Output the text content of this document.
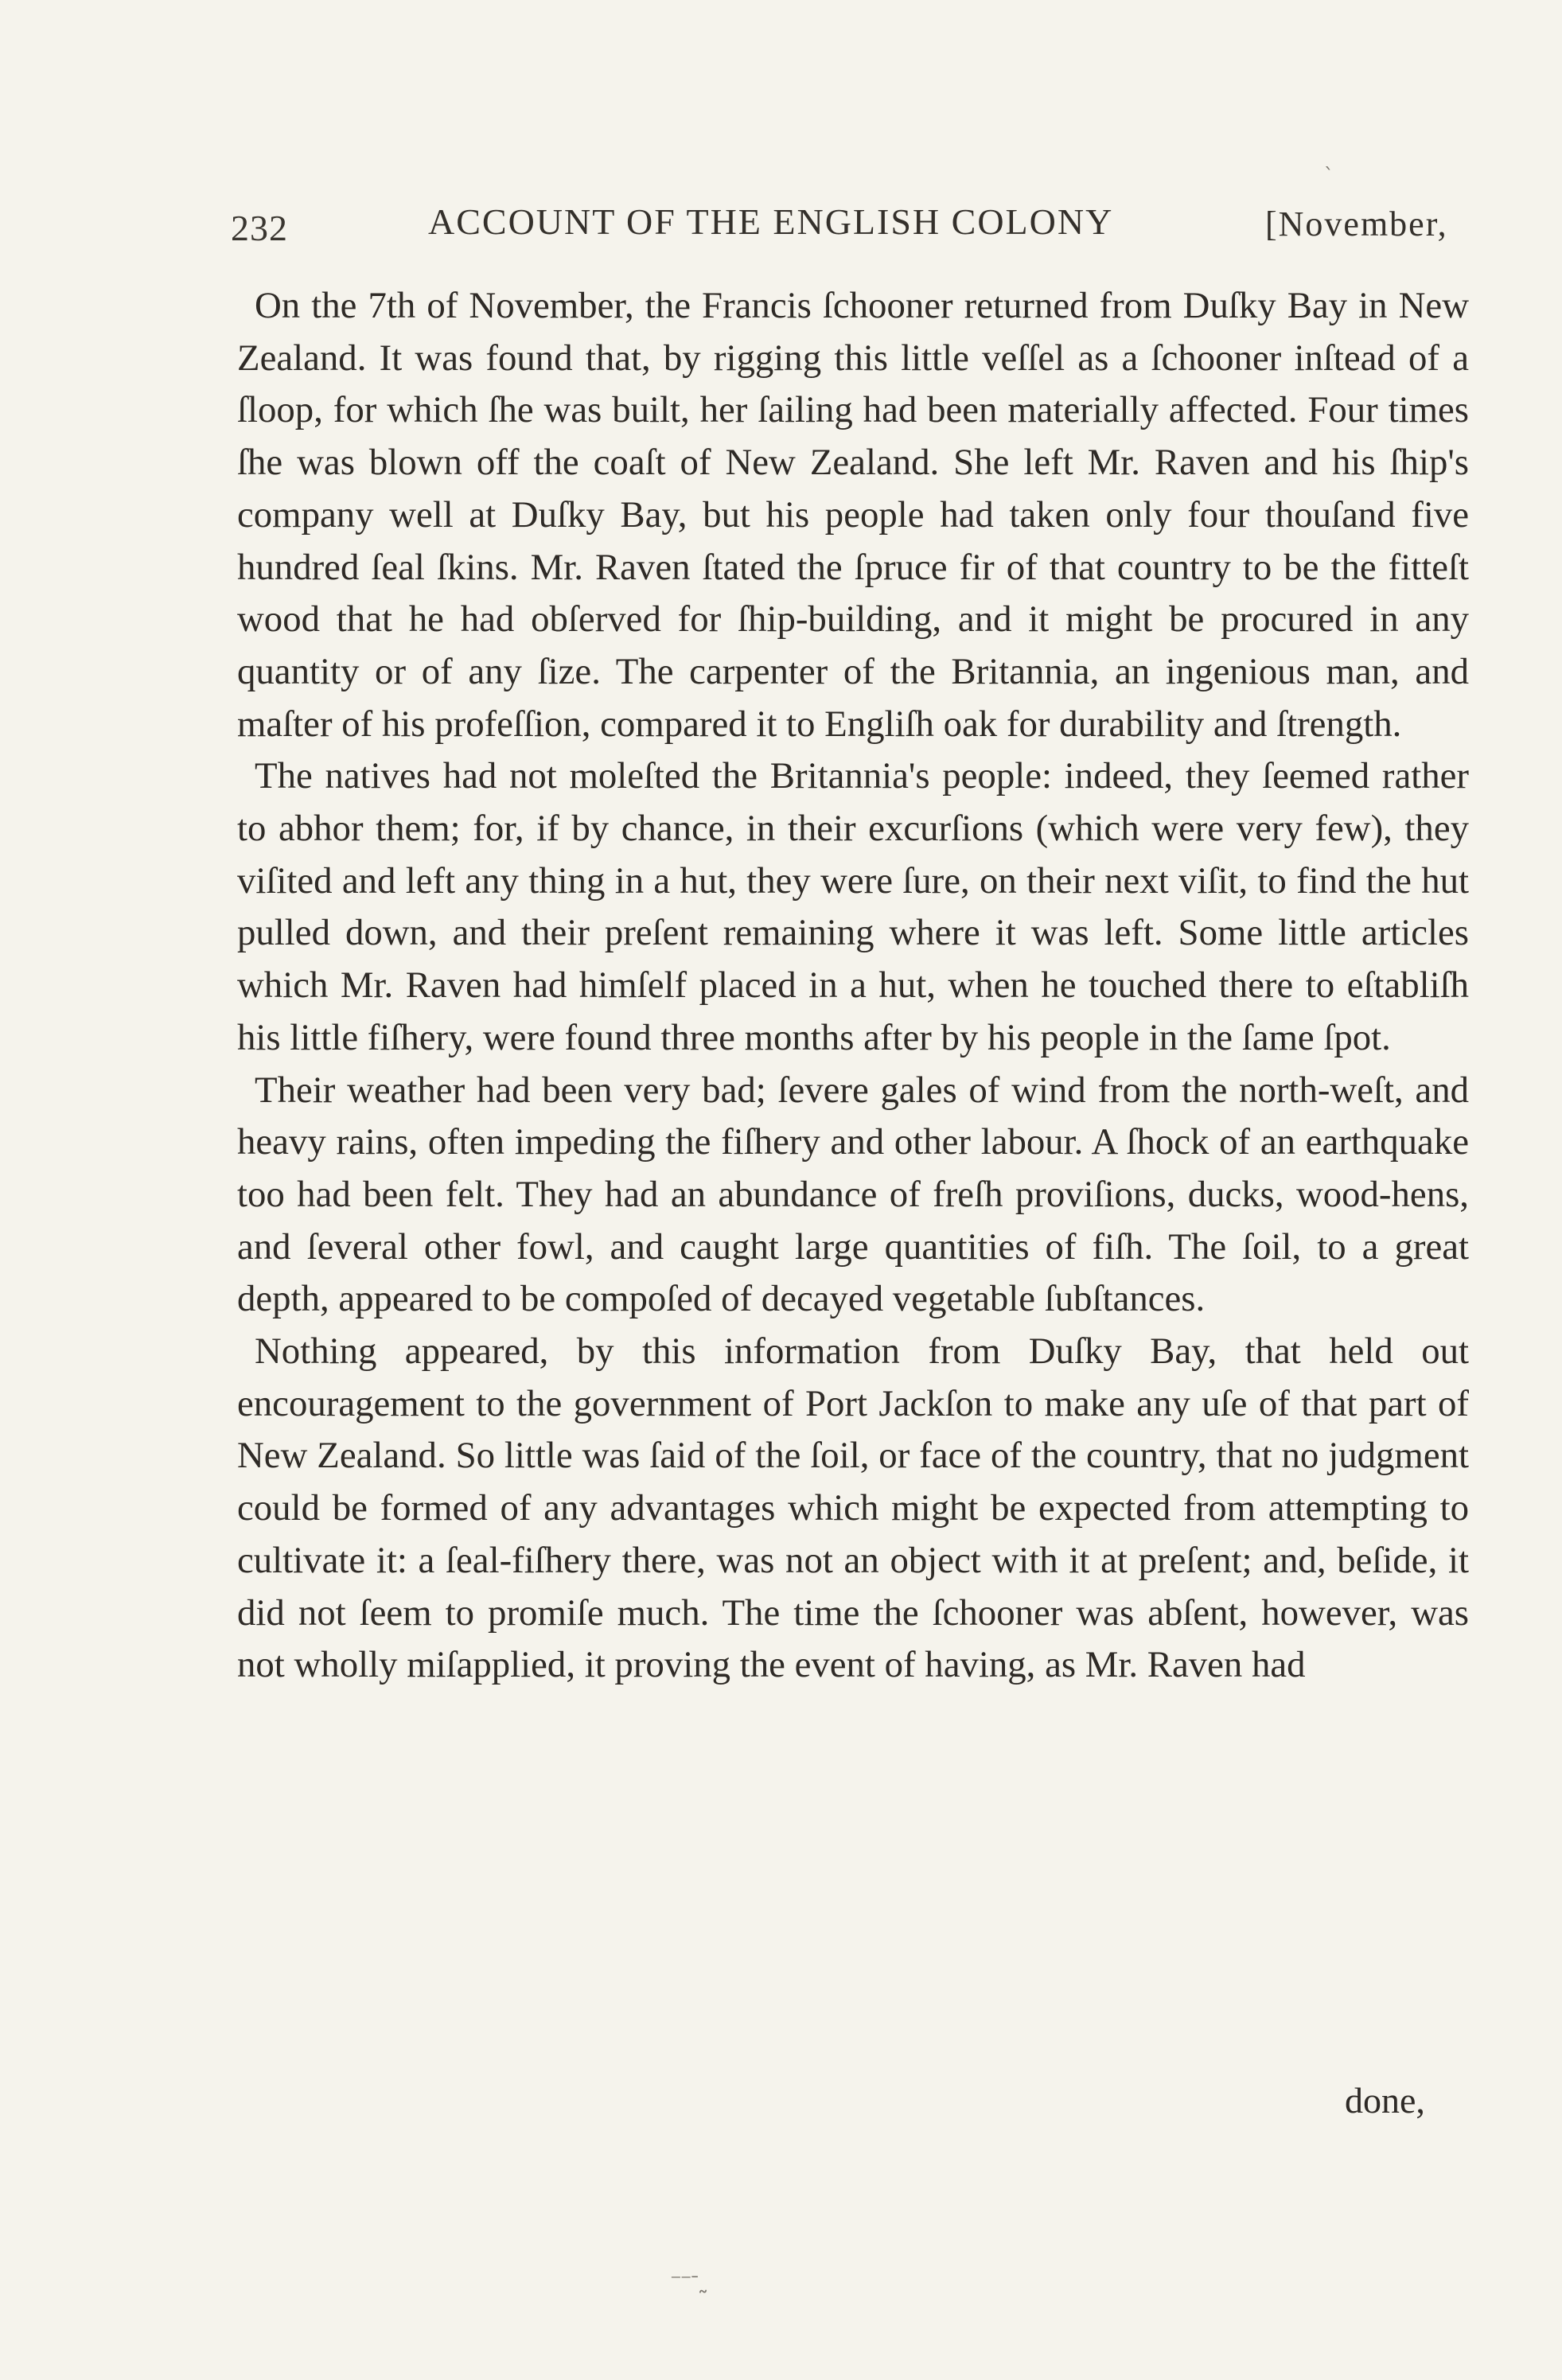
ˎ
232	ACCOUNT OF THE ENGLISH COLONY	[November,

On the 7th of November, the Francis ſchooner returned from Duſky Bay in New Zealand. It was found that, by rigging this little veſſel as a ſchooner inſtead of a ſloop, for which ſhe was built, her ſailing had been materially affected. Four times ſhe was blown off the coaſt of New Zealand. She left Mr. Raven and his ſhip's company well at Duſky Bay, but his people had taken only four thouſand five hundred ſeal ſkins. Mr. Raven ſtated the ſpruce fir of that country to be the fitteſt wood that he had obſerved for ſhip-building, and it might be procured in any quantity or of any ſize. The carpenter of the Britannia, an ingenious man, and maſter of his profeſſion, compared it to Engliſh oak for durability and ſtrength.

The natives had not moleſted the Britannia's people: indeed, they ſeemed rather to abhor them; for, if by chance, in their excurſions (which were very few), they viſited and left any thing in a hut, they were ſure, on their next viſit, to find the hut pulled down, and their preſent remaining where it was left. Some little articles which Mr. Raven had himſelf placed in a hut, when he touched there to eſtabliſh his little fiſhery, were found three months after by his people in the ſame ſpot.

Their weather had been very bad; ſevere gales of wind from the north-weſt, and heavy rains, often impeding the fiſhery and other labour. A ſhock of an earthquake too had been felt. They had an abundance of freſh proviſions, ducks, wood-hens, and ſeveral other fowl, and caught large quantities of fiſh. The ſoil, to a great depth, appeared to be compoſed of decayed vegetable ſubſtances.

Nothing appeared, by this information from Duſky Bay, that held out encouragement to the government of Port Jackſon to make any uſe of that part of New Zealand. So little was ſaid of the ſoil, or face of the country, that no judgment could be formed of any advantages which might be expected from attempting to cultivate it: a ſeal-fiſhery there, was not an object with it at preſent; and, beſide, it did not ſeem to promiſe much. The time the ſchooner was abſent, however, was not wholly miſapplied, it proving the event of having, as Mr. Raven had

done,
⁻⁻ᐨ˷
